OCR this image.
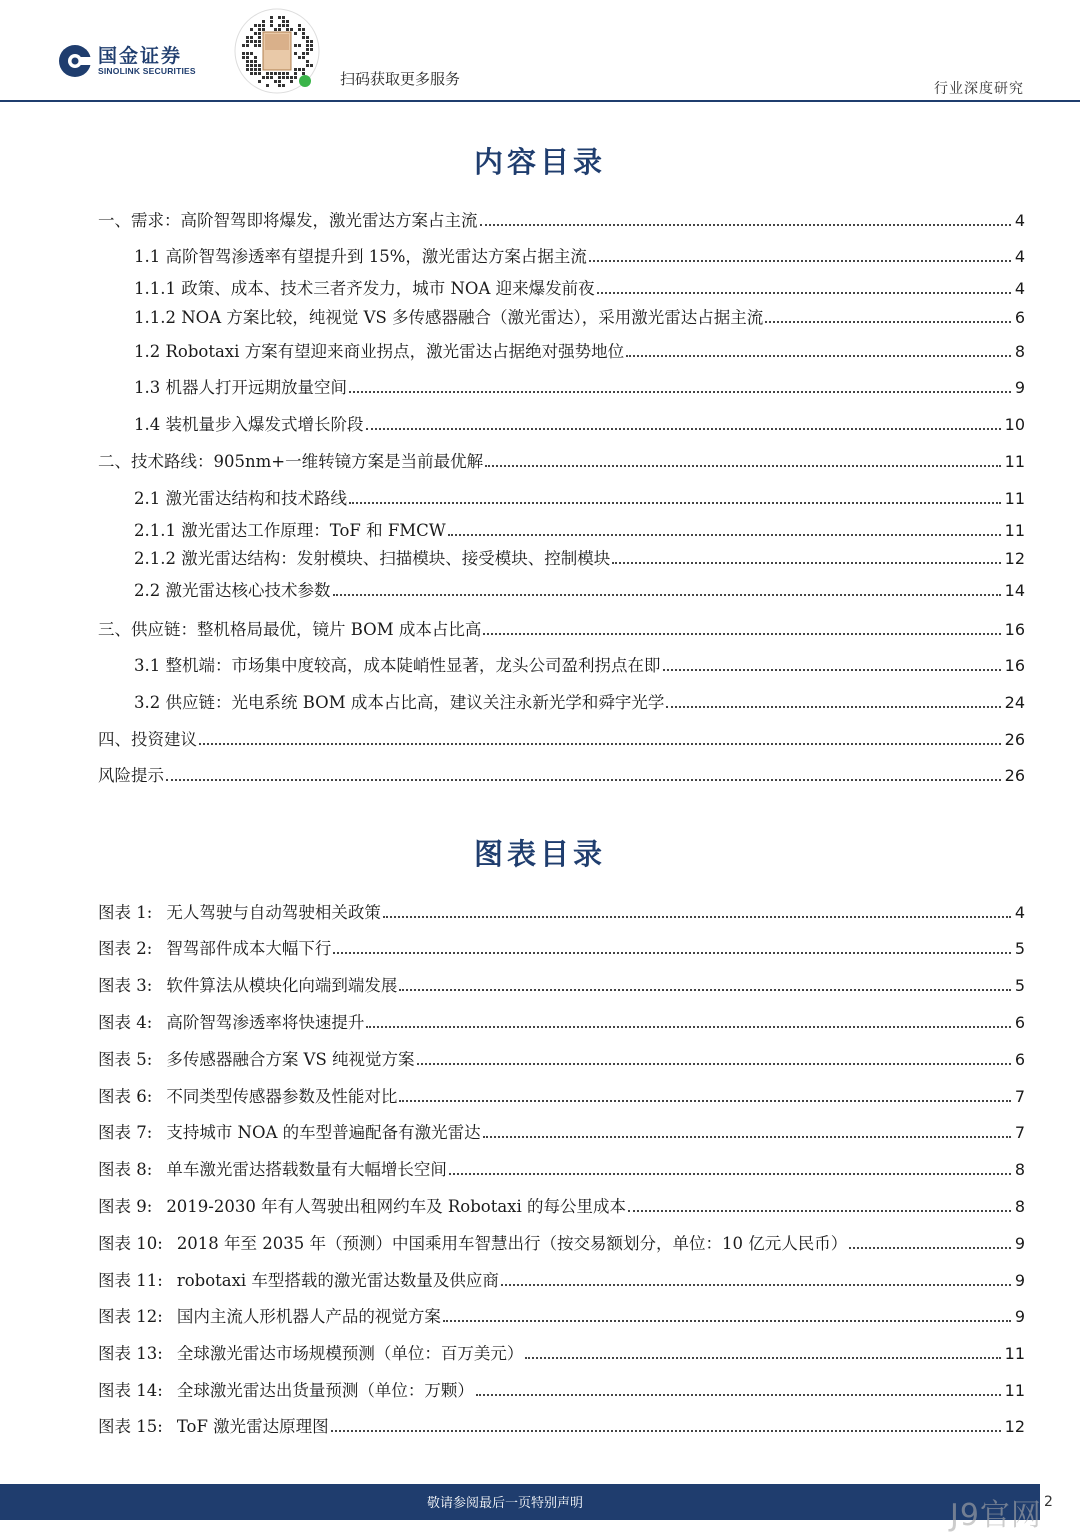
国金证券
SINOLINK SECURITIES	扫码获取更多服务
行业深度研究
内容目录
一、需求：高阶智驾即将爆发，激光雷达方案占主流	4
1.1 高阶智驾渗透率有望提升到 15%，激光雷达方案占据主流	4
1.1.1 政策、成本、技术三者齐发力，城市 NOA 迎来爆发前夜	4
1.1.2 NOA 方案比较，纯视觉 VS 多传感器融合（激光雷达），采用激光雷达占据主流	6
1.2 Robotaxi 方案有望迎来商业拐点，激光雷达占据绝对强势地位	8
1.3 机器人打开远期放量空间	9
1.4 装机量步入爆发式增长阶段	10
二、技术路线：905nm+一维转镜方案是当前最优解	11
2.1 激光雷达结构和技术路线	11
2.1.1 激光雷达工作原理：ToF 和 FMCW	11
2.1.2 激光雷达结构：发射模块、扫描模块、接受模块、控制模块	12
2.2 激光雷达核心技术参数	14
三、供应链：整机格局最优，镜片 BOM 成本占比高	16
3.1 整机端：市场集中度较高，成本陡峭性显著，龙头公司盈利拐点在即	16
3.2 供应链：光电系统 BOM 成本占比高，建议关注永新光学和舜宇光学	24
四、投资建议	26
风险提示	26
图表目录
图表 1: 无人驾驶与自动驾驶相关政策	4
图表 2: 智驾部件成本大幅下行	5
图表 3: 软件算法从模块化向端到端发展	5
图表 4: 高阶智驾渗透率将快速提升	6
图表 5: 多传感器融合方案 VS 纯视觉方案	6
图表 6: 不同类型传感器参数及性能对比	7
图表 7: 支持城市 NOA 的车型普遍配备有激光雷达	7
图表 8: 单车激光雷达搭载数量有大幅增长空间	8
图表 9: 2019-2030 年有人驾驶出租网约车及 Robotaxi 的每公里成本	8
图表 10: 2018 年至 2035 年（预测）中国乘用车智慧出行（按交易额划分，单位：10 亿元人民币）	9
图表 11: robotaxi 车型搭载的激光雷达数量及供应商	9
图表 12: 国内主流人形机器人产品的视觉方案	9
图表 13: 全球激光雷达市场规模预测（单位：百万美元）	11
图表 14: 全球激光雷达出货量预测（单位：万颗）	11
图表 15: ToF 激光雷达原理图	12
敬请参阅最后一页特别声明	J9官网 2
